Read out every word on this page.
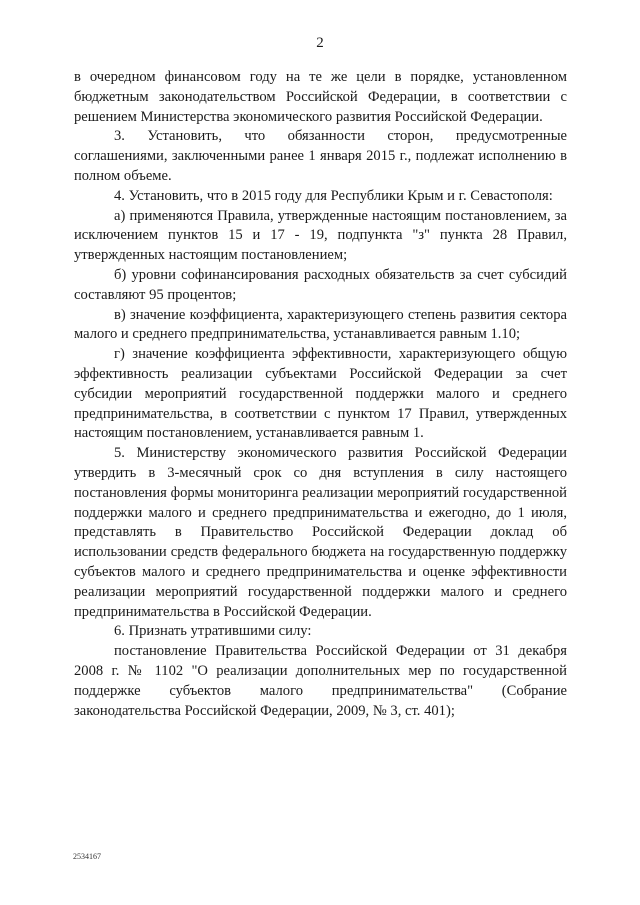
2

в очередном финансовом году на те же цели в порядке, установленном бюджетным законодательством Российской Федерации, в соответствии с решением Министерства экономического развития Российской Федерации.

3. Установить, что обязанности сторон, предусмотренные соглашениями, заключенными ранее 1 января 2015 г., подлежат исполнению в полном объеме.

4. Установить, что в 2015 году для Республики Крым и г. Севастополя:

а) применяются Правила, утвержденные настоящим постановлением, за исключением пунктов 15 и 17 - 19, подпункта "з" пункта 28 Правил, утвержденных настоящим постановлением;

б) уровни софинансирования расходных обязательств за счет субсидий составляют 95 процентов;

в) значение коэффициента, характеризующего степень развития сектора малого и среднего предпринимательства, устанавливается равным 1.10;

г) значение коэффициента эффективности, характеризующего общую эффективность реализации субъектами Российской Федерации за счет субсидии мероприятий государственной поддержки малого и среднего предпринимательства, в соответствии с пунктом 17 Правил, утвержденных настоящим постановлением, устанавливается равным 1.

5. Министерству экономического развития Российской Федерации утвердить в 3-месячный срок со дня вступления в силу настоящего постановления формы мониторинга реализации мероприятий государственной поддержки малого и среднего предпринимательства и ежегодно, до 1 июля, представлять в Правительство Российской Федерации доклад об использовании средств федерального бюджета на государственную поддержку субъектов малого и среднего предпринимательства и оценке эффективности реализации мероприятий государственной поддержки малого и среднего предпринимательства в Российской Федерации.

6. Признать утратившими силу:

постановление Правительства Российской Федерации от 31 декабря 2008 г. № 1102 "О реализации дополнительных мер по государственной поддержке субъектов малого предпринимательства" (Собрание законодательства Российской Федерации, 2009, № 3, ст. 401);

2534167
